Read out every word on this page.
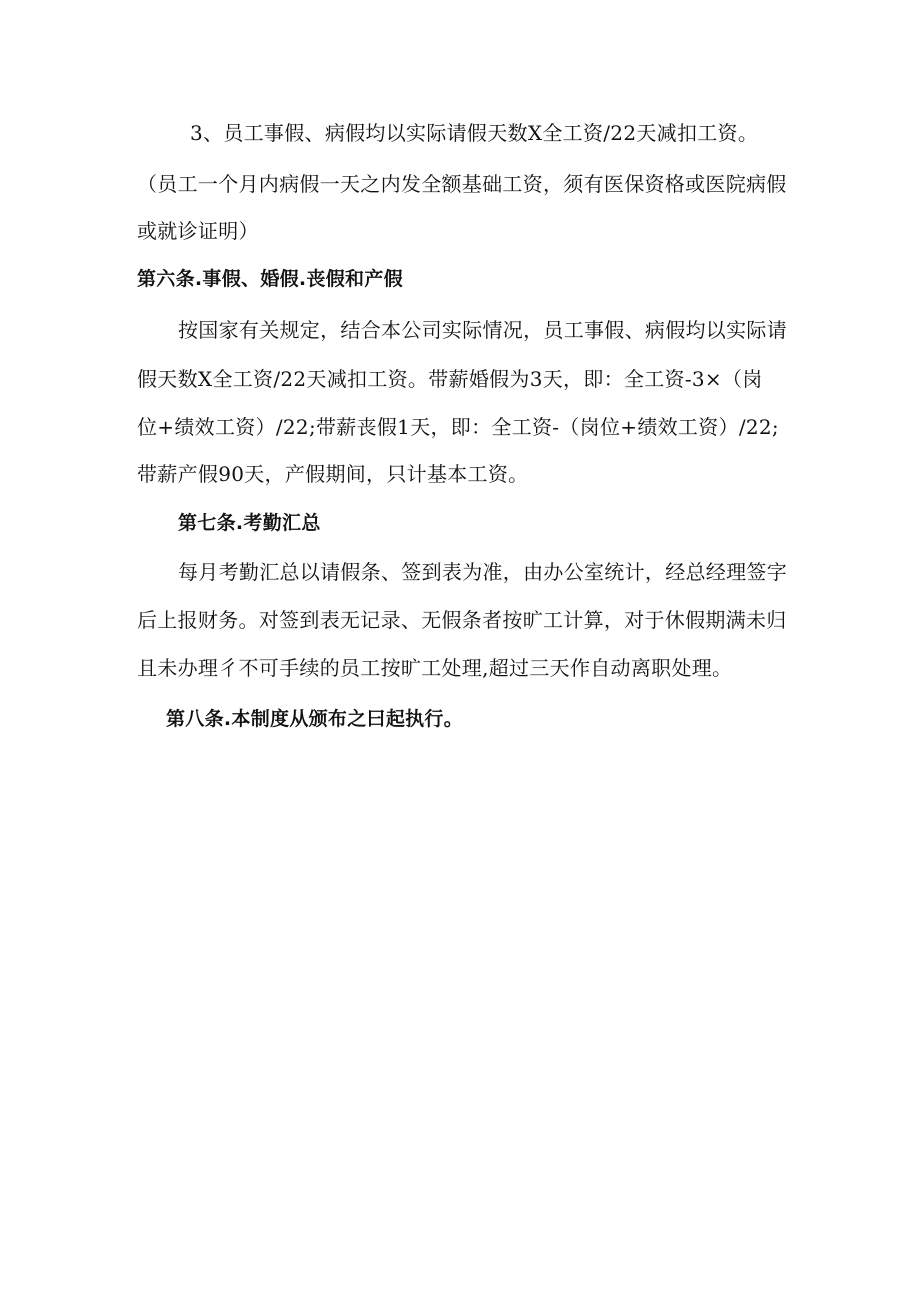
3、员工事假、病假均以实际请假天数X全工资/22天减扣工资。
（员工一个月内病假一天之内发全额基础工资，须有医保资格或医院病假
或就诊证明）
第六条.事假、婚假.丧假和产假
按国家有关规定，结合本公司实际情况，员工事假、病假均以实际请
假天数X全工资/22天减扣工资。带薪婚假为3天，即：全工资-3×（岗
位+绩效工资）/22;带薪丧假1天，即：全工资-（岗位+绩效工资）/22;
带薪产假90天，产假期间，只计基本工资。
第七条.考勤汇总
每月考勤汇总以请假条、签到表为准，由办公室统计，经总经理签字
后上报财务。对签到表无记录、无假条者按旷工计算，对于休假期满未归
且未办理彳不可手续的员工按旷工处理,超过三天作自动离职处理。
第八条.本制度从颁布之曰起执行。
